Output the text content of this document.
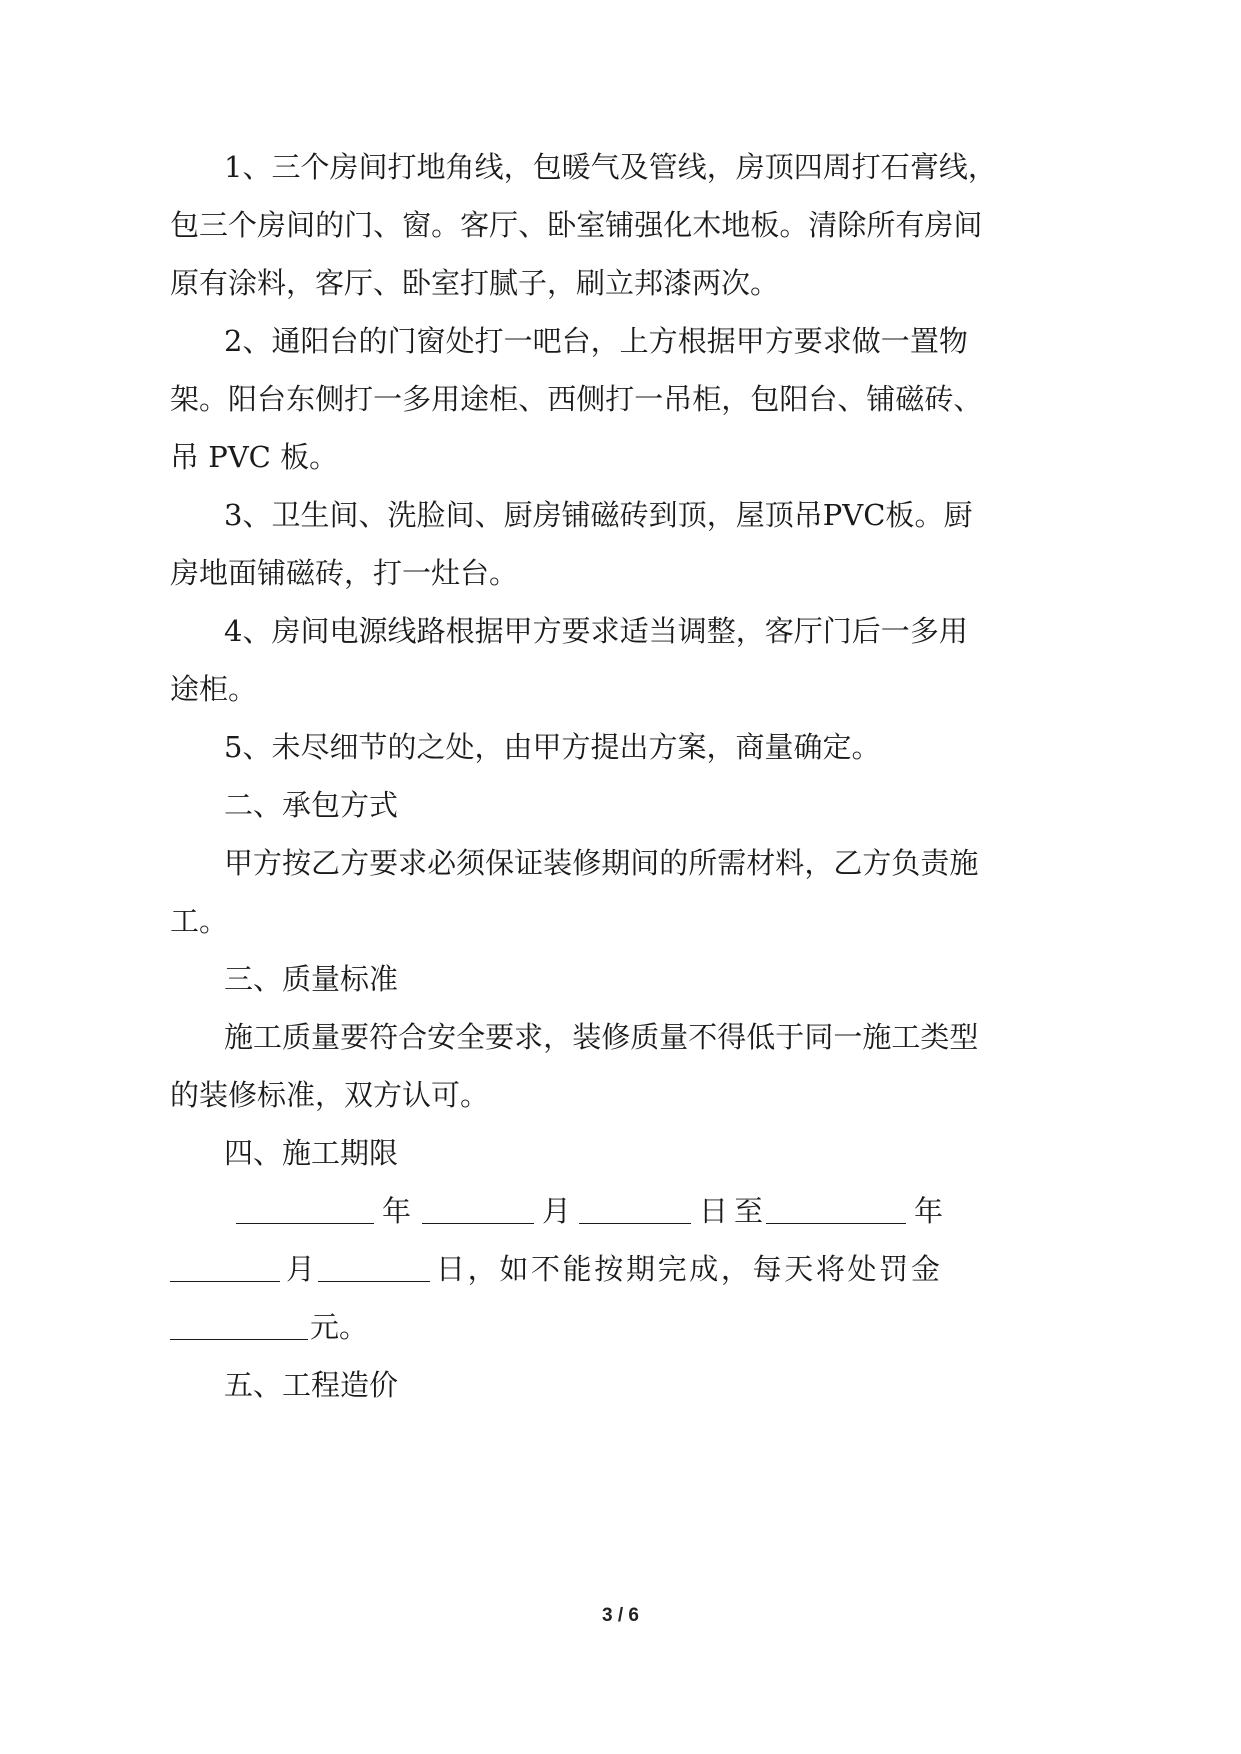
1 、 三 个 房 间 打 地 角 线 ， 包 暖 气 及 管 线 ， 房 顶 四 周 打 石 膏 线 ，
包 三 个 房 间 的 门 、 窗 。 客 厅 、 卧 室 铺 强 化 木 地 板 。 清 除 所 有 房 间
原有涂料，客厅、卧室打腻子，刷立邦漆两次。
2 、 通 阳 台 的 门 窗 处 打 一 吧 台 ， 上 方 根 据 甲 方 要 求 做 一 置 物
架 。 阳 台 东 侧 打 一 多 用 途 柜 、 西 侧 打 一 吊 柜 ， 包 阳 台 、 铺 磁 砖 、
吊 PVC 板。
3 、 卫 生 间 、 洗 脸 间 、 厨 房 铺 磁 砖 到 顶 ， 屋 顶 吊 PVC 板 。 厨
房地面铺磁砖，打一灶台。
4 、 房 间 电 源 线 路 根 据 甲 方 要 求 适 当 调 整 ， 客 厅 门 后 一 多 用
途柜。
5、未尽细节的之处，由甲方提出方案，商量确定。
二、承包方式
甲 方 按 乙 方 要 求 必 须 保 证 装 修 期 间 的 所 需 材 料 ， 乙 方 负 责 施
工。
三、质量标准
施 工 质 量 要 符 合 安 全 要 求 ， 装 修 质 量 不 得 低 于 同 一 施 工 类 型
的装修标准，双方认可。
四、施工期限
年	月	日至	年
月	日 ， 如 不 能 按 期 完 成 ， 每 天 将 处 罚 金
元。
五、工程造价
3 / 6
